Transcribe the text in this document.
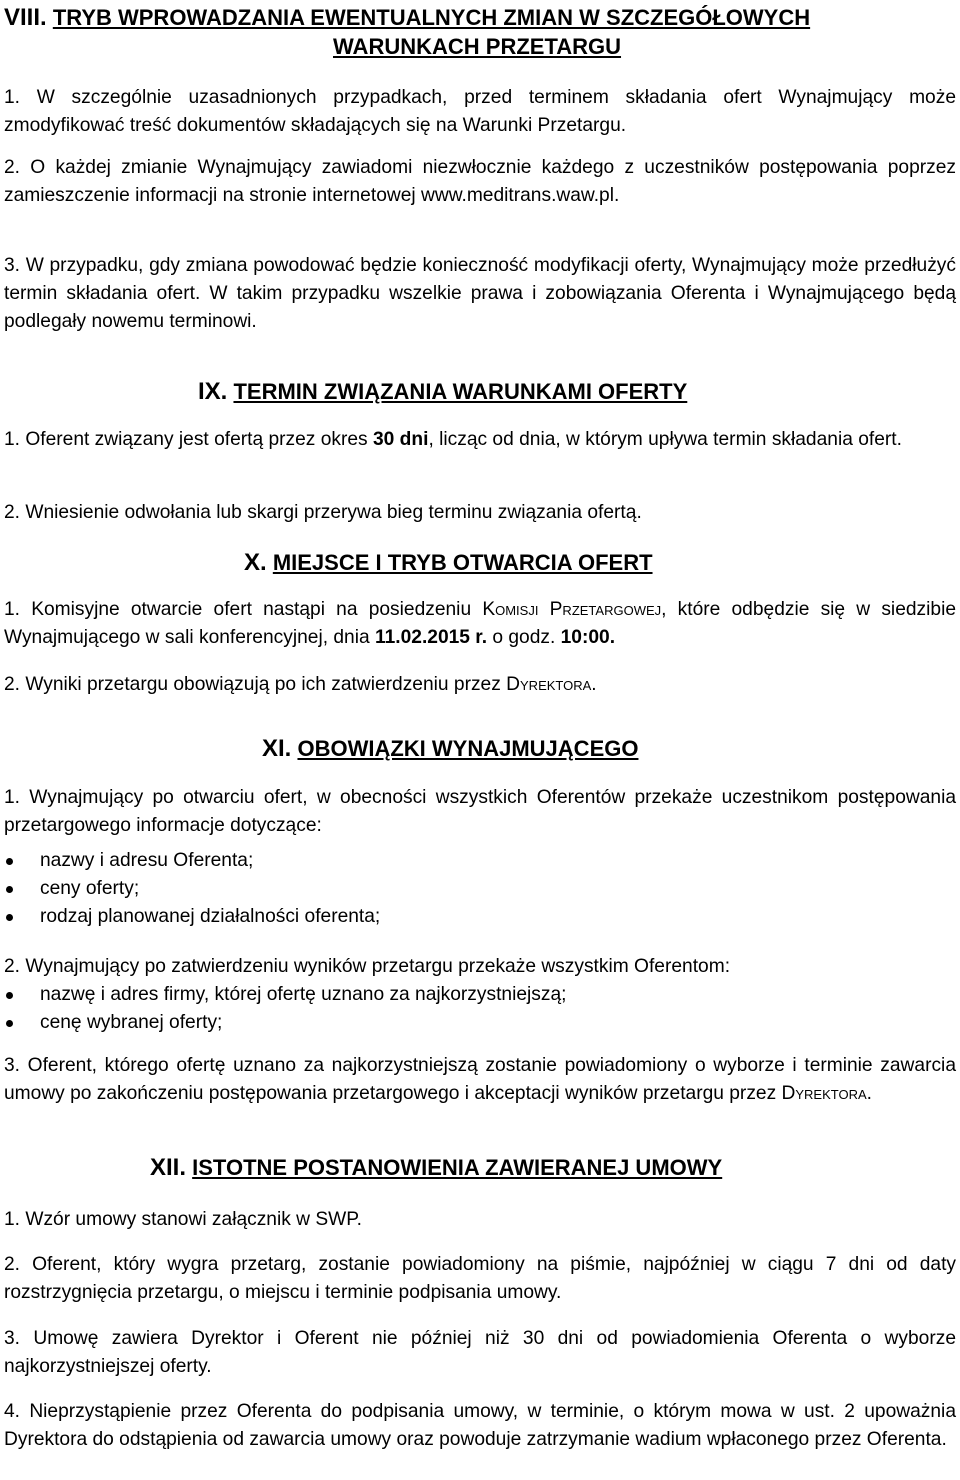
VIII. TRYB WPROWADZANIA EWENTUALNYCH ZMIAN W SZCZEGÓŁOWYCH
WARUNKACH PRZETARGU

1. W szczególnie uzasadnionych przypadkach, przed terminem składania ofert Wynajmujący może zmodyfikować treść dokumentów składających się na Warunki Przetargu.

2. O każdej zmianie Wynajmujący zawiadomi niezwłocznie każdego z uczestników postępowania poprzez zamieszczenie informacji na stronie internetowej www.meditrans.waw.pl.

3. W przypadku, gdy zmiana powodować będzie konieczność modyfikacji oferty, Wynajmujący może przedłużyć termin składania ofert. W takim przypadku wszelkie prawa i zobowiązania Oferenta i Wynajmującego będą podlegały nowemu terminowi.

IX. TERMIN ZWIĄZANIA WARUNKAMI OFERTY

1. Oferent związany jest ofertą przez okres 30 dni, licząc od dnia, w którym upływa termin składania ofert.

2. Wniesienie odwołania lub skargi przerywa bieg terminu związania ofertą.

X. MIEJSCE I TRYB OTWARCIA OFERT

1. Komisyjne otwarcie ofert nastąpi na posiedzeniu Komisji Przetargowej, które odbędzie się w siedzibie Wynajmującego w sali konferencyjnej, dnia 11.02.2015 r. o godz. 10:00.

2. Wyniki przetargu obowiązują po ich zatwierdzeniu przez Dyrektora.

XI. OBOWIĄZKI WYNAJMUJĄCEGO

1. Wynajmujący po otwarciu ofert, w obecności wszystkich Oferentów przekaże uczestnikom postępowania przetargowego informacje dotyczące:

nazwy i adresu Oferenta;
ceny oferty;
rodzaj planowanej działalności oferenta;

2. Wynajmujący po zatwierdzeniu wyników przetargu przekaże wszystkim Oferentom:

nazwę i adres firmy, której ofertę uznano za najkorzystniejszą;
cenę wybranej oferty;

3. Oferent, którego ofertę uznano za najkorzystniejszą zostanie powiadomiony o wyborze i terminie zawarcia umowy po zakończeniu postępowania przetargowego i akceptacji wyników przetargu przez Dyrektora.

XII. ISTOTNE POSTANOWIENIA ZAWIERANEJ UMOWY

1. Wzór umowy stanowi załącznik w SWP.

2. Oferent, który wygra przetarg, zostanie powiadomiony na piśmie, najpóźniej w ciągu 7 dni od daty rozstrzygnięcia przetargu, o miejscu i terminie podpisania umowy.

3. Umowę zawiera Dyrektor i Oferent nie później niż 30 dni od powiadomienia Oferenta o wyborze najkorzystniejszej oferty.

4. Nieprzystąpienie przez Oferenta do podpisania umowy, w terminie, o którym mowa w ust. 2 upoważnia Dyrektora do odstąpienia od zawarcia umowy oraz powoduje zatrzymanie wadium wpłaconego przez Oferenta.
